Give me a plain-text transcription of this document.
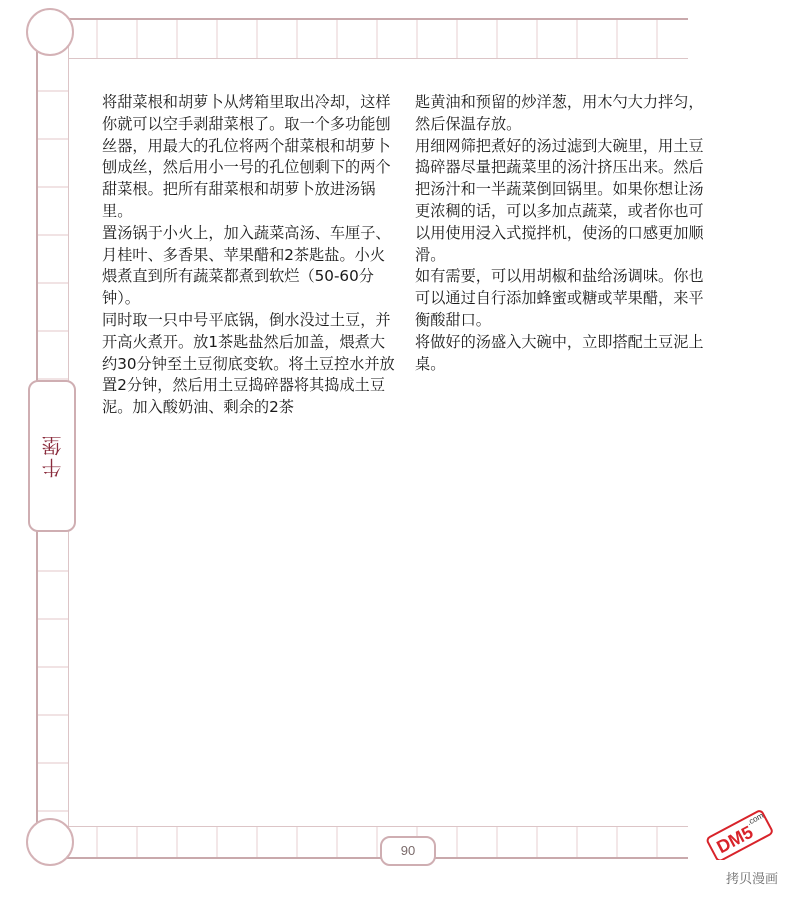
牛堡

将甜菜根和胡萝卜从烤箱里取出冷却，这样你就可以空手剥甜菜根了。取一个多功能刨丝器，用最大的孔位将两个甜菜根和胡萝卜刨成丝，然后用小一号的孔位刨剩下的两个甜菜根。把所有甜菜根和胡萝卜放进汤锅里。

置汤锅于小火上，加入蔬菜高汤、车厘子、月桂叶、多香果、苹果醋和2茶匙盐。小火煨煮直到所有蔬菜都煮到软烂（50-60分钟）。

同时取一只中号平底锅，倒水没过土豆，并开高火煮开。放1茶匙盐然后加盖，煨煮大约30分钟至土豆彻底变软。将土豆控水并放置2分钟，然后用土豆捣碎器将其捣成土豆泥。加入酸奶油、剩余的2茶

匙黄油和预留的炒洋葱，用木勺大力拌匀，然后保温存放。

用细网筛把煮好的汤过滤到大碗里，用土豆捣碎器尽量把蔬菜里的汤汁挤压出来。然后把汤汁和一半蔬菜倒回锅里。如果你想让汤更浓稠的话，可以多加点蔬菜，或者你也可以用使用浸入式搅拌机，使汤的口感更加顺滑。

如有需要，可以用胡椒和盐给汤调味。你也可以通过自行添加蜂蜜或糖或苹果醋，来平衡酸甜口。

将做好的汤盛入大碗中，立即搭配土豆泥上桌。

90	DM5
.com
拷贝漫画
